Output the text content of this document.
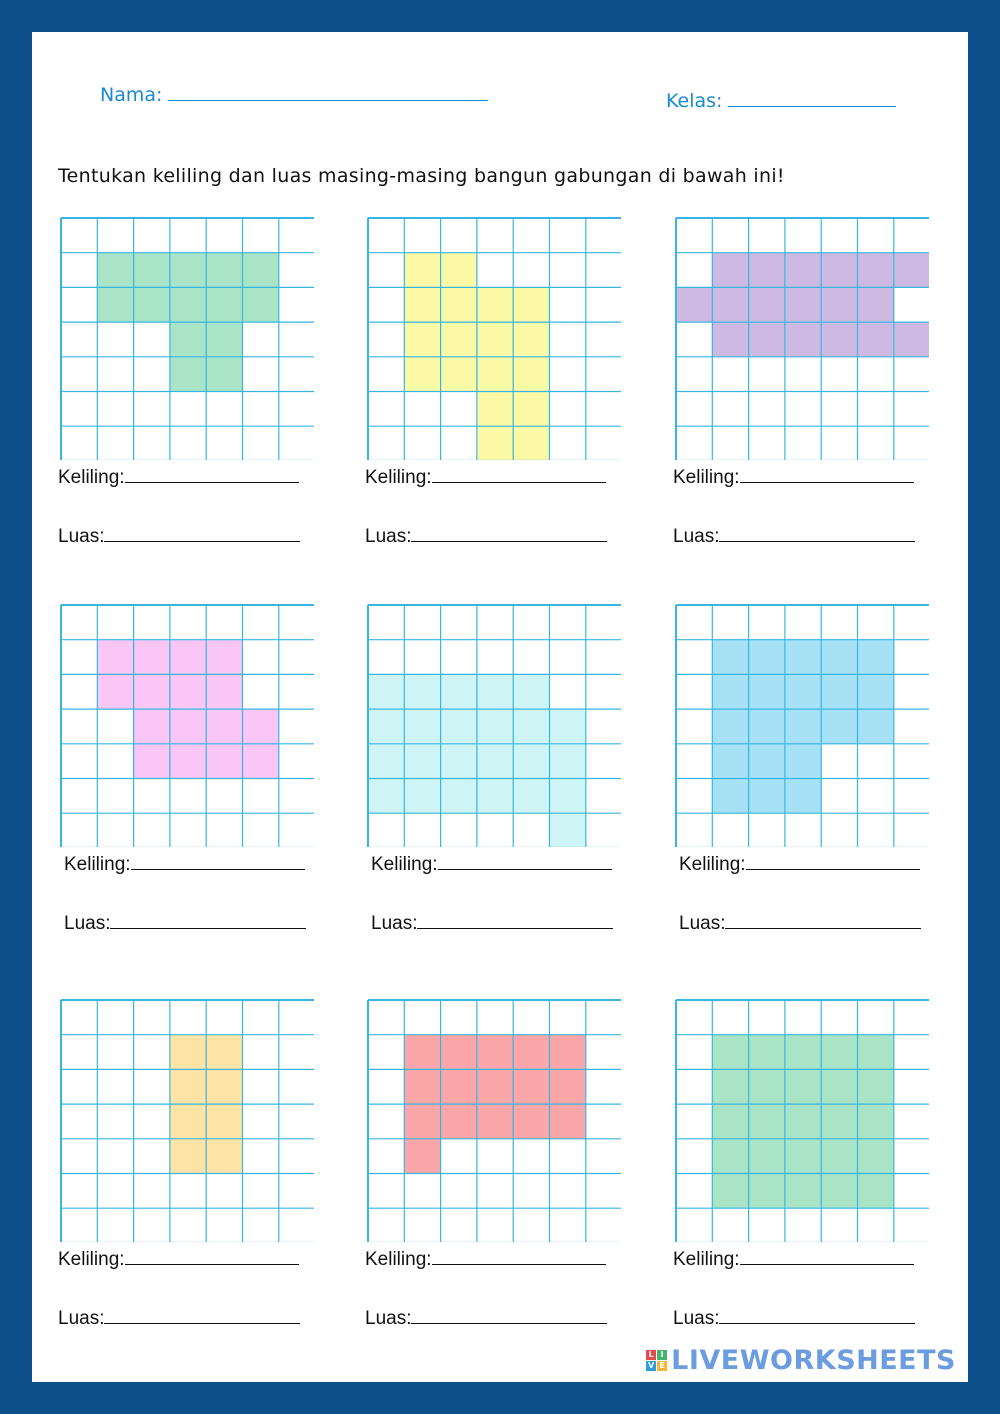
Nama:	Kelas:
Tentukan keliling dan luas masing-masing bangun gabungan di bawah ini!
Keliling:
Luas:
Keliling:
Luas:
Keliling:
Luas:
Keliling:
Luas:
Keliling:
Luas:
Keliling:
Luas:
Keliling:
Luas:
Keliling:
Luas:
Keliling:
Luas:
L I
V E LIVEWORKSHEETS
